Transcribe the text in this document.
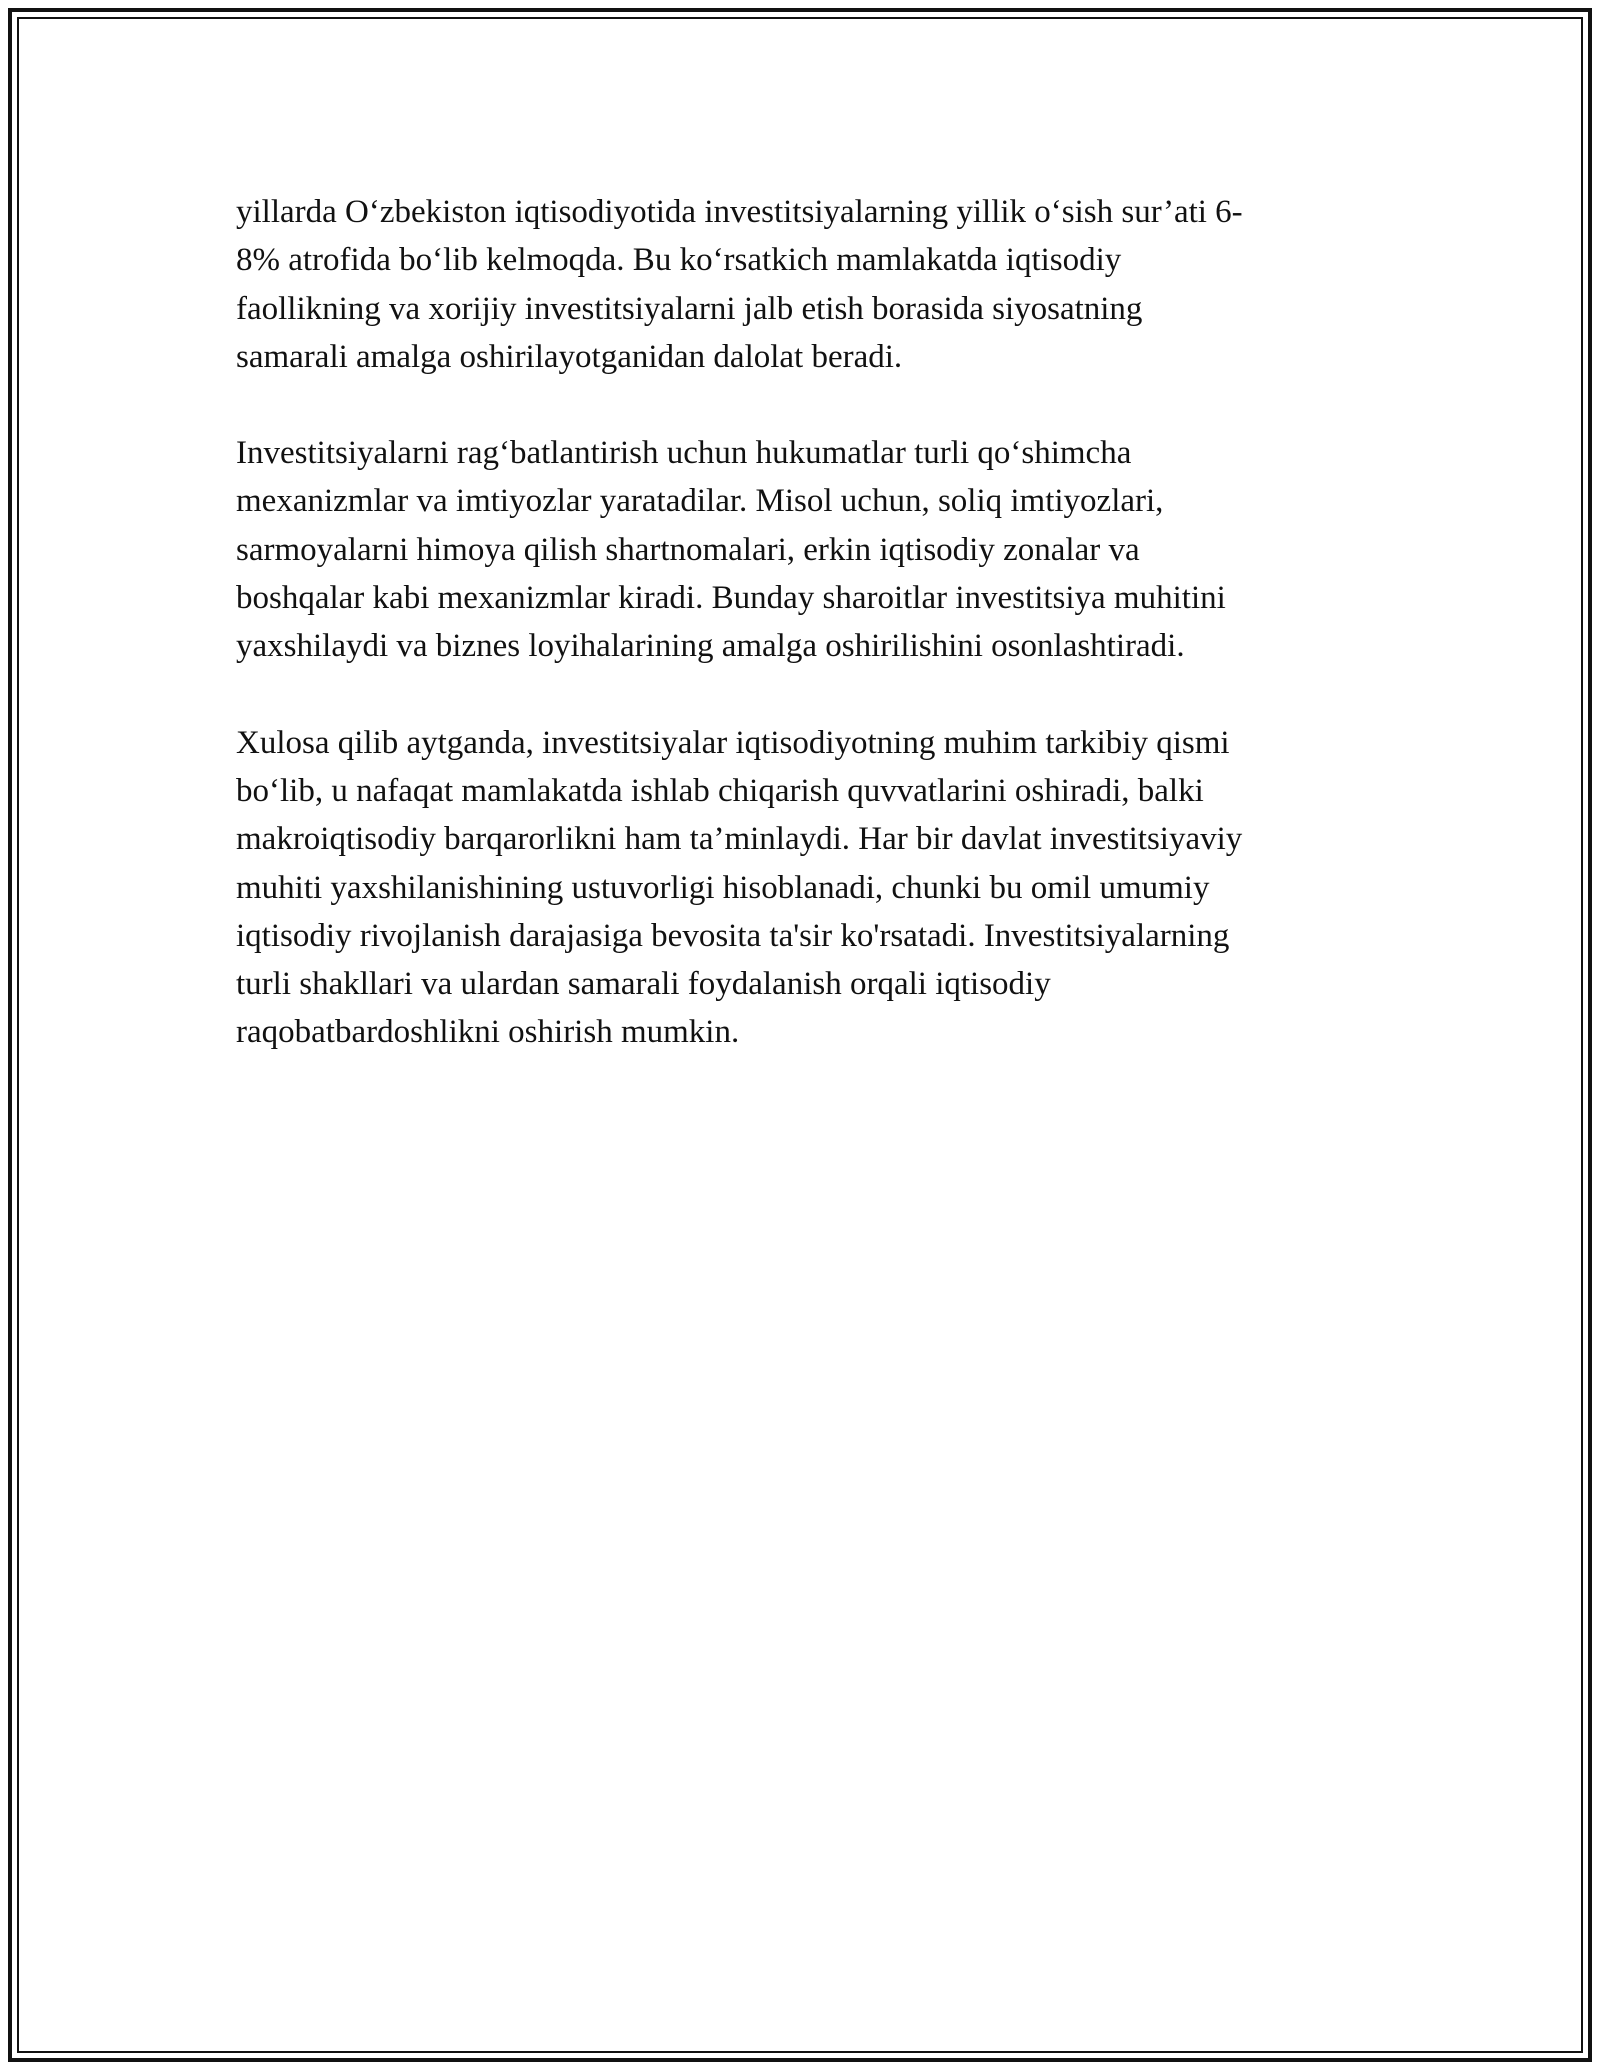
yillarda O‘zbekiston iqtisodiyotida investitsiyalarning yillik o‘sish sur’ati 6-
8% atrofida bo‘lib kelmoqda. Bu ko‘rsatkich mamlakatda iqtisodiy
faollikning va xorijiy investitsiyalarni jalb etish borasida siyosatning
samarali amalga oshirilayotganidan dalolat beradi.

Investitsiyalarni rag‘batlantirish uchun hukumatlar turli qo‘shimcha
mexanizmlar va imtiyozlar yaratadilar. Misol uchun, soliq imtiyozlari,
sarmoyalarni himoya qilish shartnomalari, erkin iqtisodiy zonalar va
boshqalar kabi mexanizmlar kiradi. Bunday sharoitlar investitsiya muhitini
yaxshilaydi va biznes loyihalarining amalga oshirilishini osonlashtiradi.

Xulosa qilib aytganda, investitsiyalar iqtisodiyotning muhim tarkibiy qismi
bo‘lib, u nafaqat mamlakatda ishlab chiqarish quvvatlarini oshiradi, balki
makroiqtisodiy barqarorlikni ham ta’minlaydi. Har bir davlat investitsiyaviy
muhiti yaxshilanishining ustuvorligi hisoblanadi, chunki bu omil umumiy
iqtisodiy rivojlanish darajasiga bevosita ta'sir ko'rsatadi. Investitsiyalarning
turli shakllari va ulardan samarali foydalanish orqali iqtisodiy
raqobatbardoshlikni oshirish mumkin.
